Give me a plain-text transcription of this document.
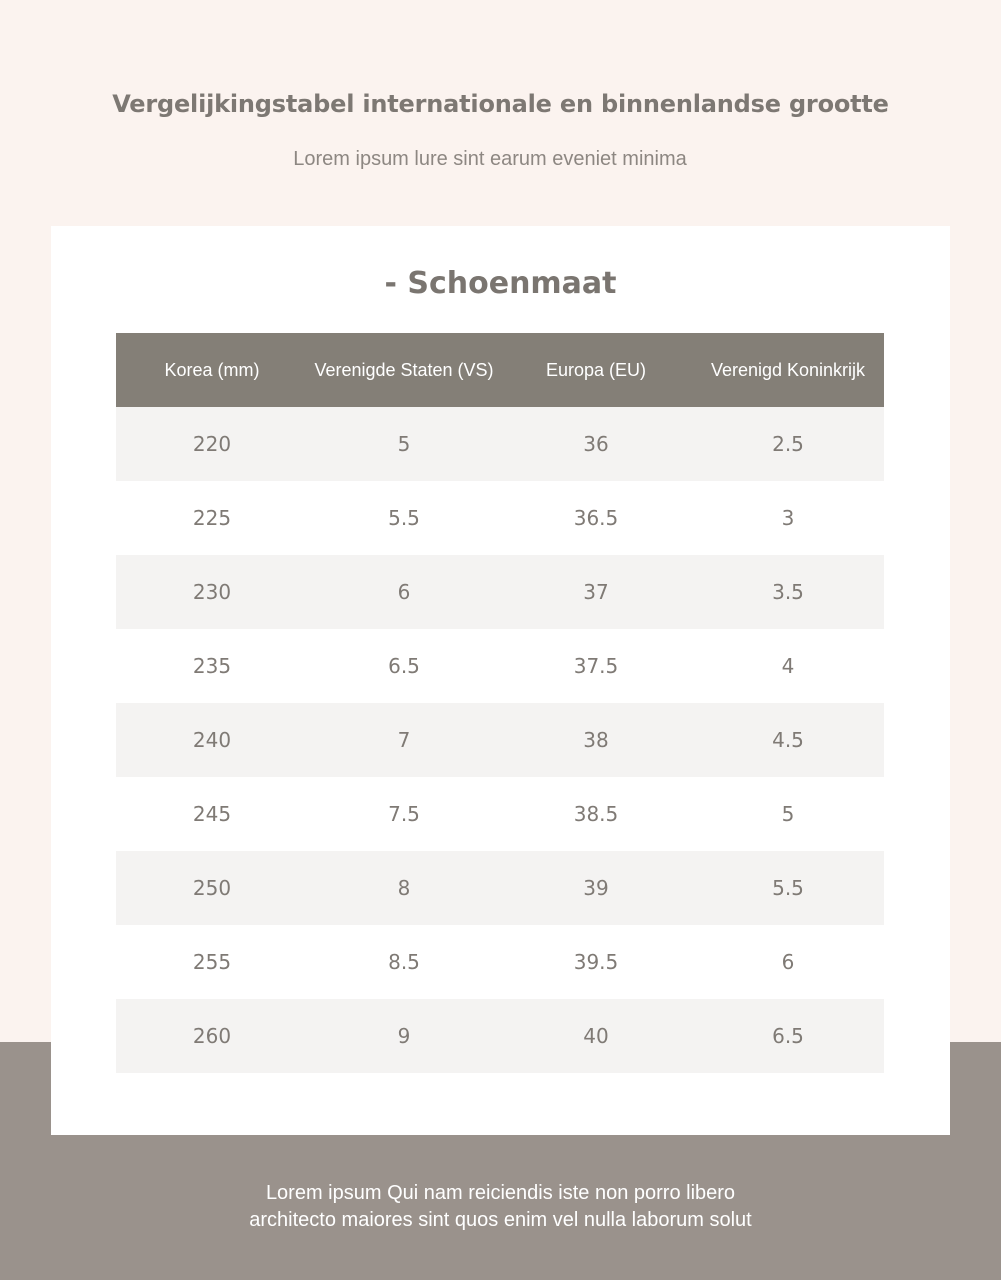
Vergelijkingstabel internationale en binnenlandse grootte
Lorem ipsum lure sint earum eveniet minima
- Schoenmaat
Korea (mm)	Verenigde Staten (VS)	Europa (EU)	Verenigd Koninkrijk
220	5	36	2.5
225	5.5	36.5	3
230	6	37	3.5
235	6.5	37.5	4
240	7	38	4.5
245	7.5	38.5	5
250	8	39	5.5
255	8.5	39.5	6
260	9	40	6.5
Lorem ipsum Qui nam reiciendis iste non porro libero
architecto maiores sint quos enim vel nulla laborum solut
